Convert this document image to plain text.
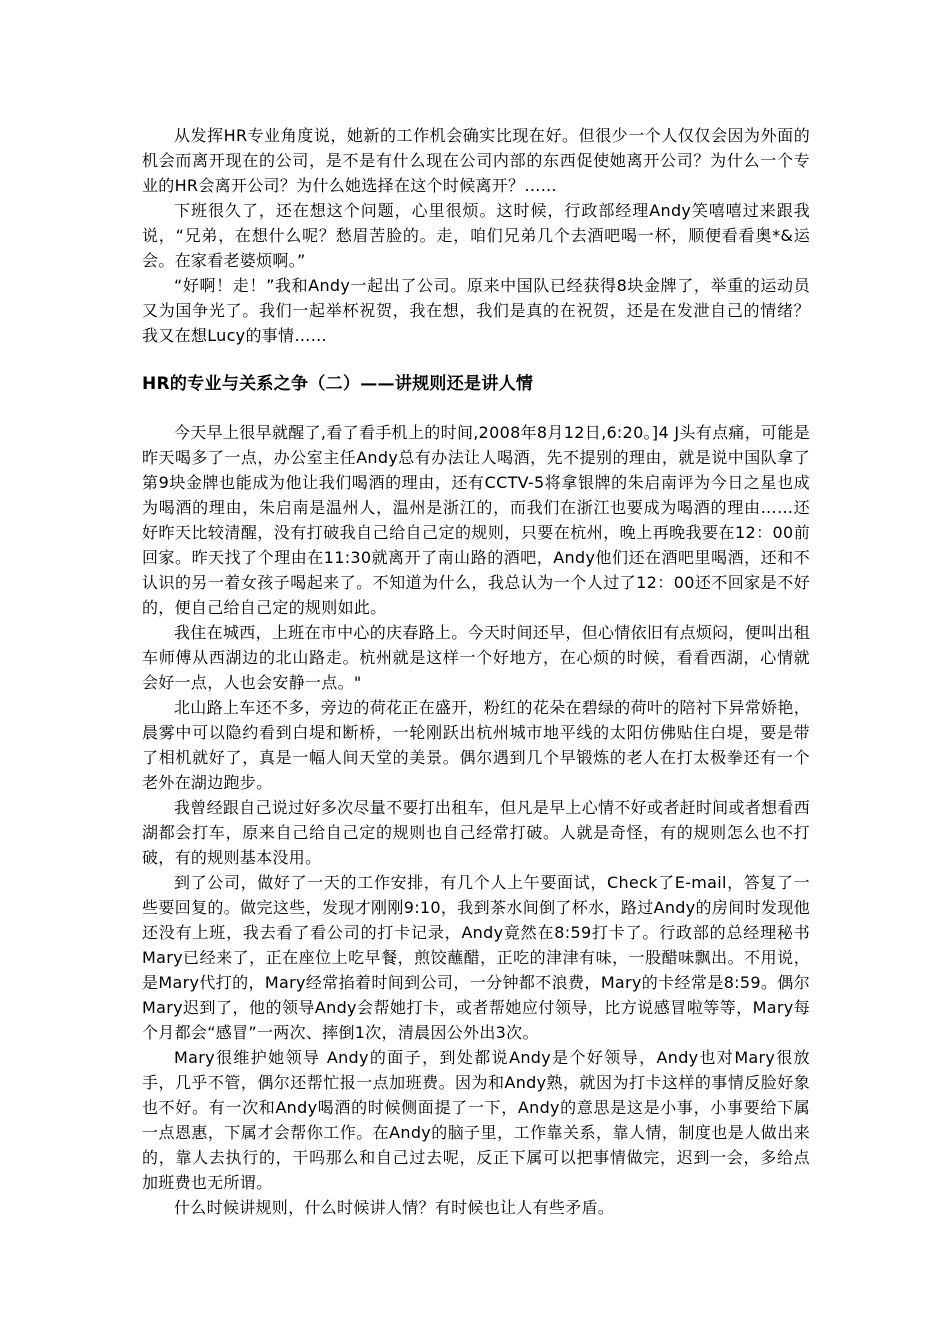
从发挥HR专业角度说，她新的工作机会确实比现在好。但很少一个人仅仅会因为外面的机会而离开现在的公司，是不是有什么现在公司内部的东西促使她离开公司？为什么一个专业的HR会离开公司？为什么她选择在这个时候离开？……

下班很久了，还在想这个问题，心里很烦。这时候，行政部经理Andy笑嘻嘻过来跟我说，“兄弟，在想什么呢？愁眉苦脸的。走，咱们兄弟几个去酒吧喝一杯，顺便看看奥*&运会。在家看老婆烦啊。”

“好啊！走！”我和Andy一起出了公司。原来中国队已经获得8块金牌了，举重的运动员又为国争光了。我们一起举杯祝贺，我在想，我们是真的在祝贺，还是在发泄自己的情绪？我又在想Lucy的事情……

HR的专业与关系之争（二）——讲规则还是讲人情

今天早上很早就醒了,看了看手机上的时间,2008年8月12日,6:20。]4 J头有点痛，可能是昨天喝多了一点，办公室主任Andy总有办法让人喝酒，先不提别的理由，就是说中国队拿了第9块金牌也能成为他让我们喝酒的理由，还有CCTV-5将拿银牌的朱启南评为今日之星也成为喝酒的理由，朱启南是温州人，温州是浙江的，而我们在浙江也要成为喝酒的理由……还好昨天比较清醒，没有打破我自己给自己定的规则，只要在杭州，晚上再晚我要在12：00前回家。昨天找了个理由在11:30就离开了南山路的酒吧，Andy他们还在酒吧里喝酒，还和不认识的另一着女孩子喝起来了。不知道为什么，我总认为一个人过了12：00还不回家是不好的，便自己给自己定的规则如此。

我住在城西，上班在市中心的庆春路上。今天时间还早，但心情依旧有点烦闷，便叫出租车师傅从西湖边的北山路走。杭州就是这样一个好地方，在心烦的时候，看看西湖，心情就会好一点，人也会安静一点。"

北山路上车还不多，旁边的荷花正在盛开，粉红的花朵在碧绿的荷叶的陪衬下异常娇艳，晨雾中可以隐约看到白堤和断桥，一轮刚跃出杭州城市地平线的太阳仿佛贴住白堤，要是带了相机就好了，真是一幅人间天堂的美景。偶尔遇到几个早锻炼的老人在打太极拳还有一个老外在湖边跑步。

我曾经跟自己说过好多次尽量不要打出租车，但凡是早上心情不好或者赶时间或者想看西湖都会打车，原来自己给自己定的规则也自己经常打破。人就是奇怪，有的规则怎么也不打破，有的规则基本没用。

到了公司，做好了一天的工作安排，有几个人上午要面试，Check了E-mail，答复了一些要回复的。做完这些，发现才刚刚9:10，我到茶水间倒了杯水，路过Andy的房间时发现他还没有上班，我去看了看公司的打卡记录，Andy竟然在8:59打卡了。行政部的总经理秘书Mary已经来了，正在座位上吃早餐，煎饺蘸醋，正吃的津津有味，一股醋味飘出。不用说，是Mary代打的，Mary经常掐着时间到公司，一分钟都不浪费，Mary的卡经常是8:59。偶尔Mary迟到了，他的领导Andy会帮她打卡，或者帮她应付领导，比方说感冒啦等等，Mary每个月都会“感冒”一两次、摔倒1次，清晨因公外出3次。

Mary很维护她领导 Andy的面子，到处都说Andy是个好领导，Andy也对Mary很放手，几乎不管，偶尔还帮忙报一点加班费。因为和Andy熟，就因为打卡这样的事情反脸好象也不好。有一次和Andy喝酒的时候侧面提了一下，Andy的意思是这是小事，小事要给下属一点恩惠，下属才会帮你工作。在Andy的脑子里，工作靠关系，靠人情，制度也是人做出来的，靠人去执行的，干吗那么和自己过去呢，反正下属可以把事情做完，迟到一会，多给点加班费也无所谓。

什么时候讲规则，什么时候讲人情？有时候也让人有些矛盾。
